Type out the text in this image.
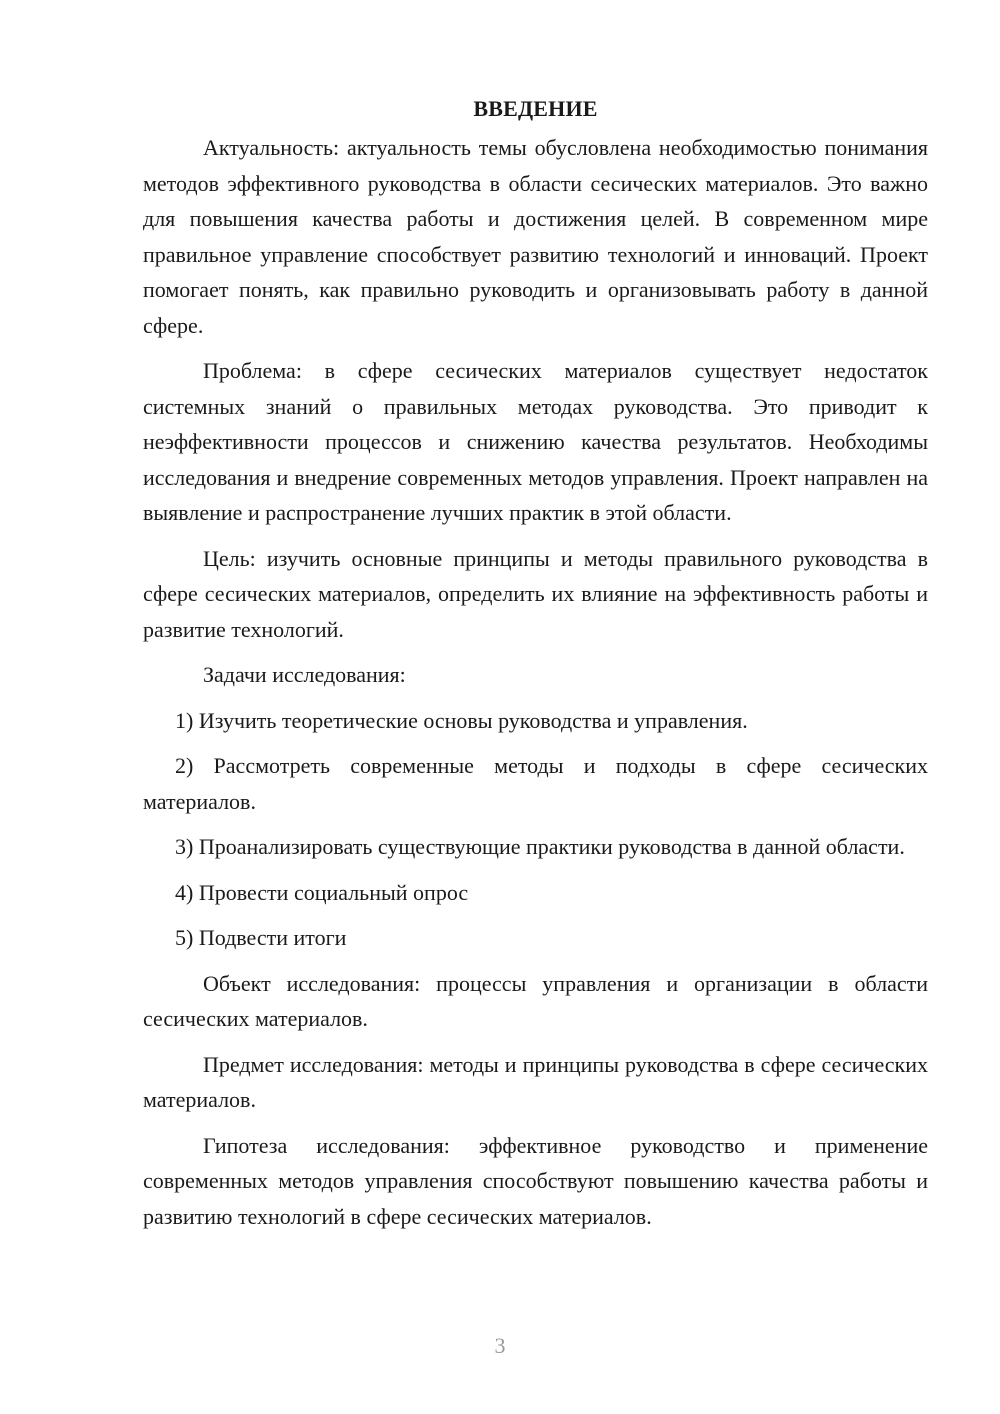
ВВЕДЕНИЕ

Актуальность: актуальность темы обусловлена необходимостью понимания методов эффективного руководства в области сесических материалов. Это важно для повышения качества работы и достижения целей. В современном мире правильное управление способствует развитию технологий и инноваций. Проект помогает понять, как правильно руководить и организовывать работу в данной сфере.

Проблема: в сфере сесических материалов существует недостаток системных знаний о правильных методах руководства. Это приводит к неэффективности процессов и снижению качества результатов. Необходимы исследования и внедрение современных методов управления. Проект направлен на выявление и распространение лучших практик в этой области.

Цель: изучить основные принципы и методы правильного руководства в сфере сесических материалов, определить их влияние на эффективность работы и развитие технологий.

Задачи исследования:

1) Изучить теоретические основы руководства и управления.

2) Рассмотреть современные методы и подходы в сфере сесических материалов.

3) Проанализировать существующие практики руководства в данной области.

4) Провести социальный опрос

5) Подвести итоги

Объект исследования: процессы управления и организации в области сесических материалов.

Предмет исследования: методы и принципы руководства в сфере сесических материалов.

Гипотеза исследования: эффективное руководство и применение современных методов управления способствуют повышению качества работы и развитию технологий в сфере сесических материалов.

3
